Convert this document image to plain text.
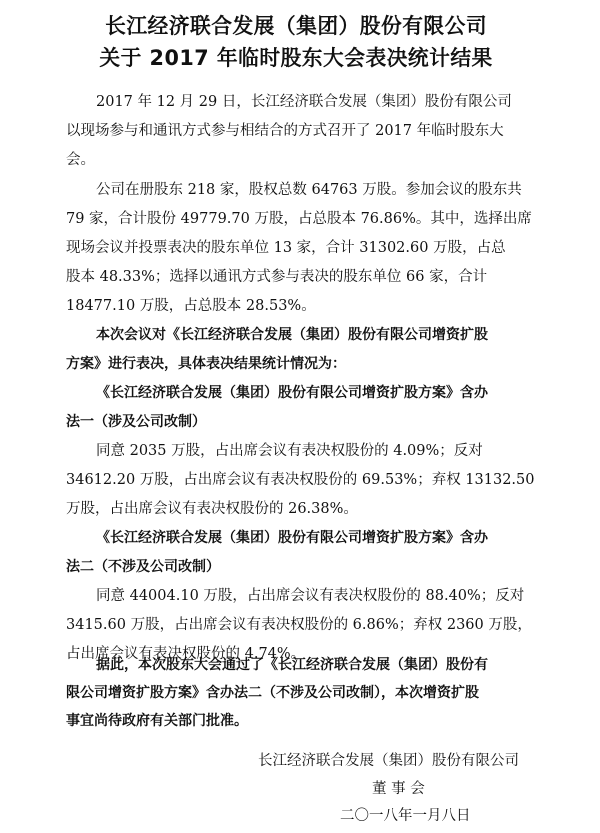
长江经济联合发展（集团）股份有限公司
关于 2017 年临时股东大会表决统计结果
2017 年 12 月 29 日，长江经济联合发展（集团）股份有限公司
以现场参与和通讯方式参与相结合的方式召开了 2017 年临时股东大
会。
公司在册股东 218 家，股权总数 64763 万股。参加会议的股东共
79 家，合计股份 49779.70 万股，占总股本 76.86%。其中，选择出席
现场会议并投票表决的股东单位 13 家，合计 31302.60 万股，占总
股本 48.33%；选择以通讯方式参与表决的股东单位 66 家，合计
18477.10 万股，占总股本 28.53%。
本次会议对《长江经济联合发展（集团）股份有限公司增资扩股
方案》进行表决，具体表决结果统计情况为：
《长江经济联合发展（集团）股份有限公司增资扩股方案》含办
法一（涉及公司改制）
同意 2035 万股，占出席会议有表决权股份的 4.09%；反对
34612.20 万股，占出席会议有表决权股份的 69.53%；弃权 13132.50
万股，占出席会议有表决权股份的 26.38%。
《长江经济联合发展（集团）股份有限公司增资扩股方案》含办
法二（不涉及公司改制）
同意 44004.10 万股，占出席会议有表决权股份的 88.40%；反对
3415.60 万股，占出席会议有表决权股份的 6.86%；弃权 2360 万股，
占出席会议有表决权股份的 4.74%。
据此，本次股东大会通过了《长江经济联合发展（集团）股份有
限公司增资扩股方案》含办法二（不涉及公司改制），本次增资扩股
事宜尚待政府有关部门批准。
长江经济联合发展（集团）股份有限公司
董 事 会
二〇一八年一月八日
